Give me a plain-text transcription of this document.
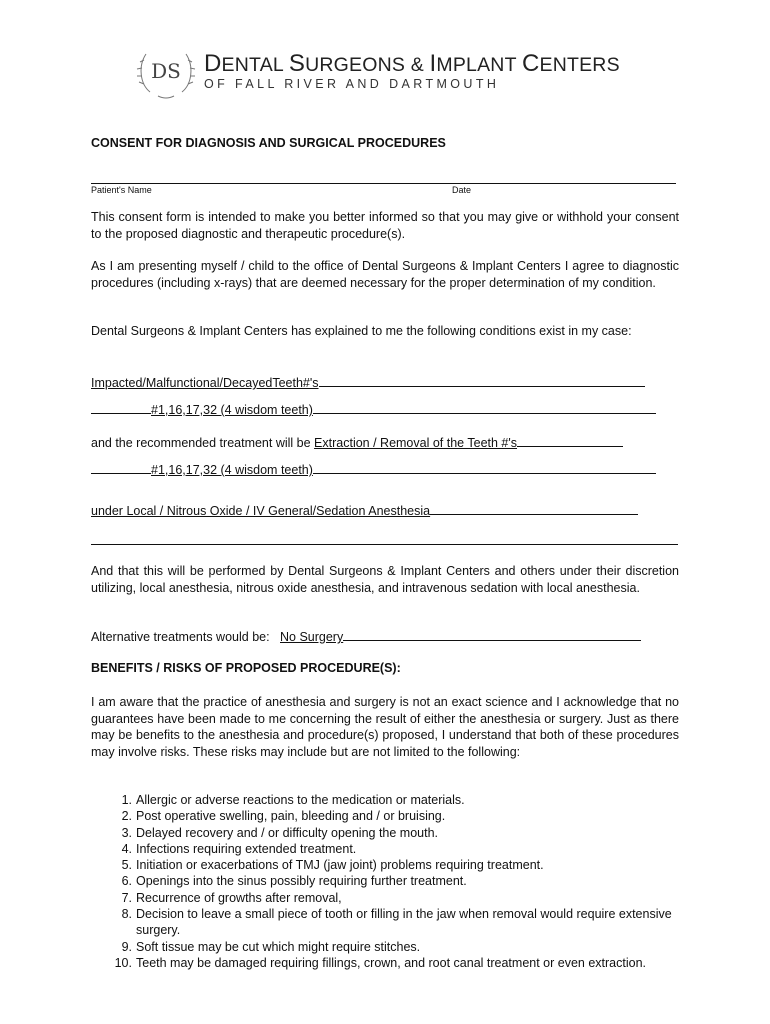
DS DENTAL SURGEONS & IMPLANT CENTERS
OF FALL RIVER AND DARTMOUTH
CONSENT FOR DIAGNOSIS AND SURGICAL PROCEDURES
Patient's Name	Date

This consent form is intended to make you better informed so that you may give or withhold your consent to the proposed diagnostic and therapeutic procedure(s).

As I am presenting myself / child to the office of Dental Surgeons & Implant Centers I agree to diagnostic procedures (including x-rays) that are deemed necessary for the proper determination of my condition.

Dental Surgeons & Implant Centers has explained to me the following conditions exist in my case:

Impacted/Malfunctional/DecayedTeeth#'s
#1,16,17,32 (4 wisdom teeth)
and the recommended treatment will be Extraction / Removal of the Teeth #'s
#1,16,17,32 (4 wisdom teeth)
under Local / Nitrous Oxide / IV General/Sedation Anesthesia

And that this will be performed by Dental Surgeons & Implant Centers and others under their discretion utilizing, local anesthesia, nitrous oxide anesthesia, and intravenous sedation with local anesthesia.

Alternative treatments would be: No Surgery
BENEFITS / RISKS OF PROPOSED PROCEDURE(S):

I am aware that the practice of anesthesia and surgery is not an exact science and I acknowledge that no guarantees have been made to me concerning the result of either the anesthesia or surgery. Just as there may be benefits to the anesthesia and procedure(s) proposed, I understand that both of these procedures may involve risks. These risks may include but are not limited to the following:

1. Allergic or adverse reactions to the medication or materials.
2. Post operative swelling, pain, bleeding and / or bruising.
3. Delayed recovery and / or difficulty opening the mouth.
4. Infections requiring extended treatment.
5. Initiation or exacerbations of TMJ (jaw joint) problems requiring treatment.
6. Openings into the sinus possibly requiring further treatment.
7. Recurrence of growths after removal,
8. Decision to leave a small piece of tooth or filling in the jaw when removal would require extensive surgery.
9. Soft tissue may be cut which might require stitches.
10. Teeth may be damaged requiring fillings, crown, and root canal treatment or even extraction.
